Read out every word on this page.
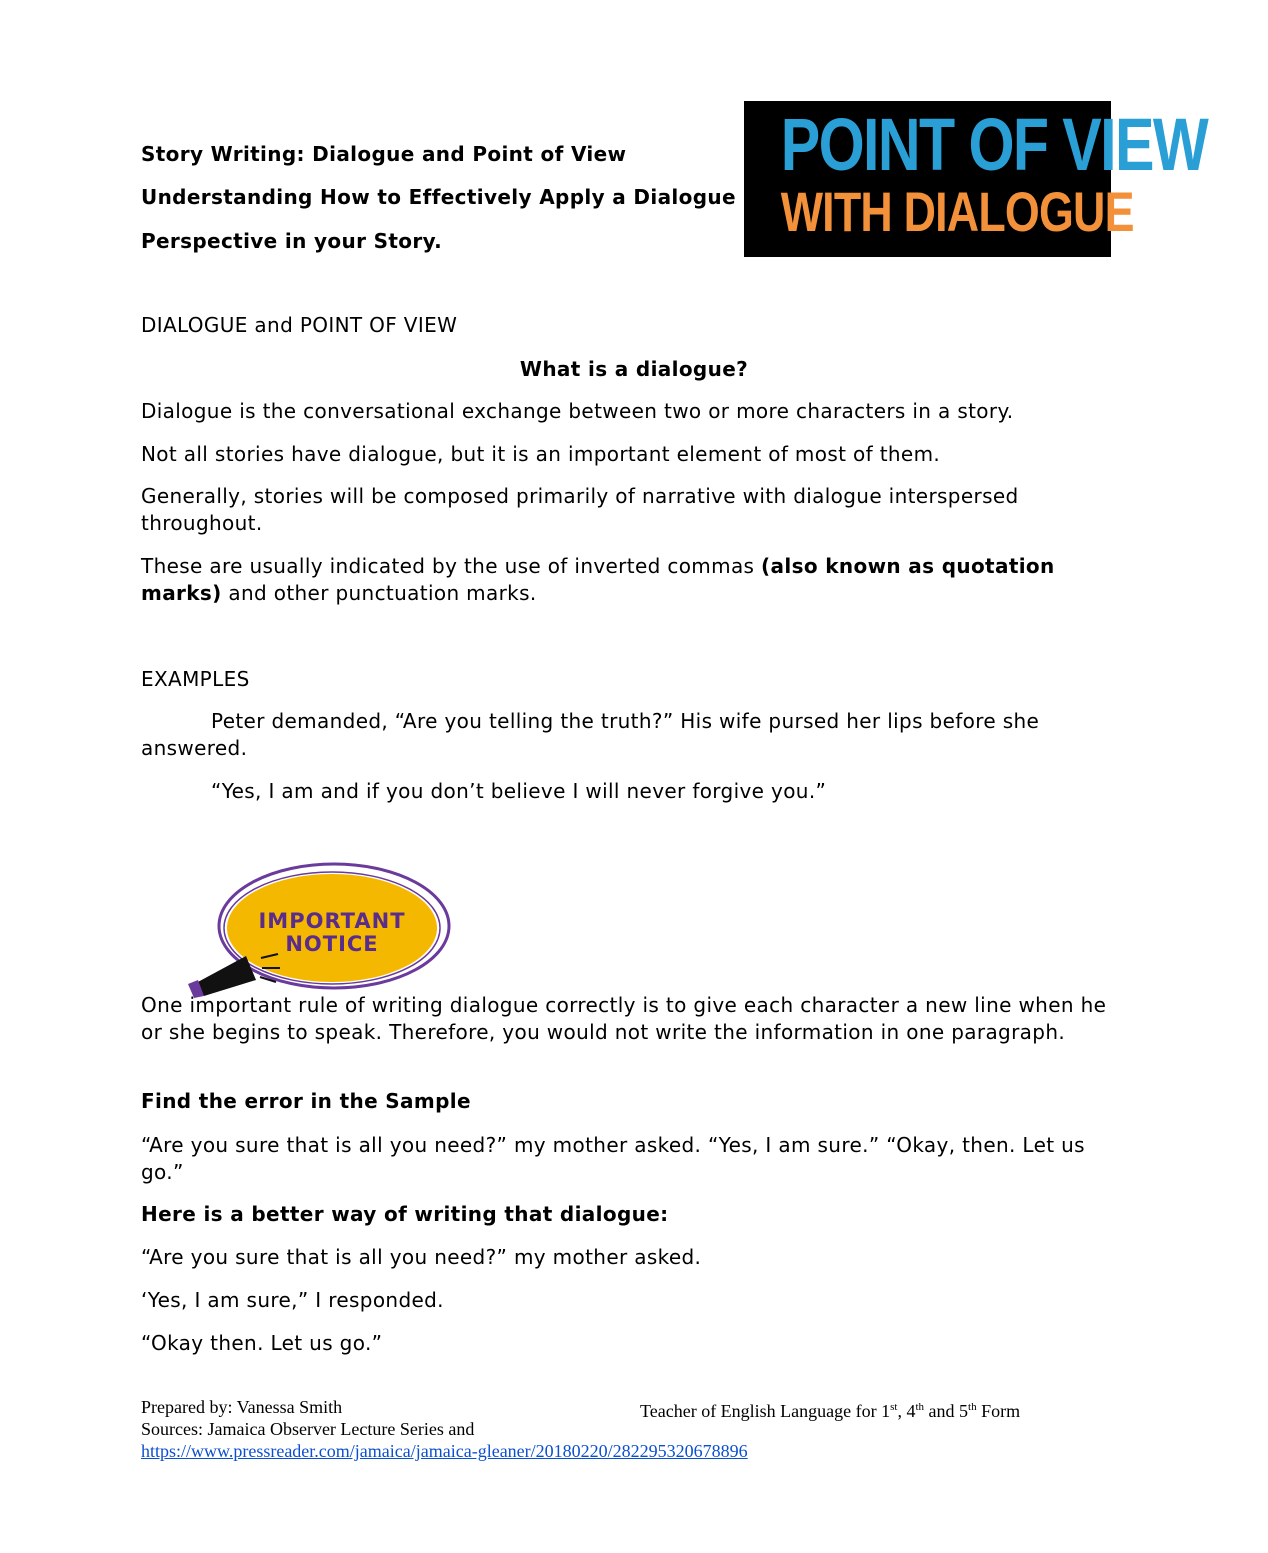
POINT OF VIEW
WITH DIALOGUE

Story Writing: Dialogue and Point of View

Understanding How to Effectively Apply a Dialogue

Perspective in your Story.

DIALOGUE and POINT OF VIEW

What is a dialogue?

Dialogue is the conversational exchange between two or more characters in a story.

Not all stories have dialogue, but it is an important element of most of them.

Generally, stories will be composed primarily of narrative with dialogue interspersed throughout.

These are usually indicated by the use of inverted commas (also known as quotation marks) and other punctuation marks.

EXAMPLES

Peter demanded, “Are you telling the truth?” His wife pursed her lips before she answered.

“Yes, I am and if you don’t believe I will never forgive you.”

IMPORTANT
NOTICE

One important rule of writing dialogue correctly is to give each character a new line when he or she begins to speak. Therefore, you would not write the information in one paragraph.

Find the error in the Sample

“Are you sure that is all you need?” my mother asked. “Yes, I am sure.” “Okay, then. Let us go.”

Here is a better way of writing that dialogue:

“Are you sure that is all you need?” my mother asked.

‘Yes, I am sure,” I responded.

“Okay then. Let us go.”

Prepared by: Vanessa Smith	Teacher of English Language for 1st, 4th and 5th Form
Sources: Jamaica Observer Lecture Series and
https://www.pressreader.com/jamaica/jamaica-gleaner/20180220/282295320678896
